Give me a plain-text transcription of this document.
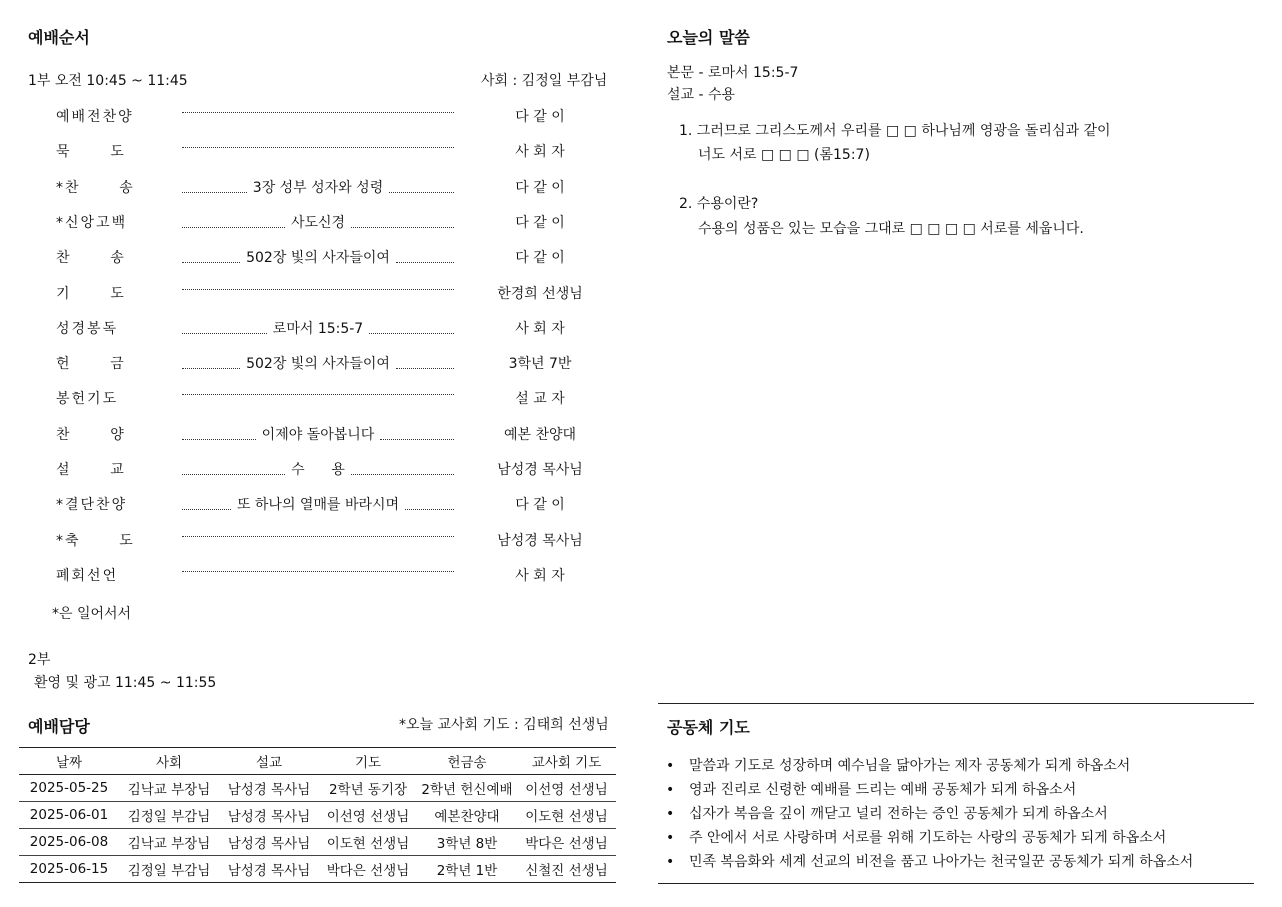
예배순서
1부 오전 10:45 ~ 11:45	사회 : 김정일 부감님
예배전찬양	다 같 이
묵      도	사 회 자
*찬      송	3장 성부 성자와 성령	다 같 이
*신앙고백	사도신경	다 같 이
찬      송	502장 빛의 사자들이여	다 같 이
기      도	한경희 선생님
성경봉독	로마서 15:5-7	사 회 자
헌      금	502장 빛의 사자들이여	3학년 7반
봉헌기도	설 교 자
찬      양	이제야 돌아봅니다	예본 찬양대
설      교	수      용	남성경 목사님
*결단찬양	또 하나의 열매를 바라시며	다 같 이
*축      도	남성경 목사님
폐회선언	사 회 자
*은 일어서서
2부
환영 및 광고 11:45 ~ 11:55
예배담당	*오늘 교사회 기도 : 김태희 선생님
날짜	사회	설교	기도	헌금송	교사회 기도
2025-05-25	김낙교 부장님	남성경 목사님	2학년 동기장	2학년 헌신예배	이선영 선생님
2025-06-01	김정일 부감님	남성경 목사님	이선영 선생님	예본찬양대	이도현 선생님
2025-06-08	김낙교 부장님	남성경 목사님	이도현 선생님	3학년 8반	박다은 선생님
2025-06-15	김정일 부감님	남성경 목사님	박다은 선생님	2학년 1반	신철진 선생님
오늘의 말씀
본문 - 로마서 15:5-7
설교 - 수용
1. 그러므로 그리스도께서 우리를 □ □ 하나님께 영광을 돌리심과 같이
너도 서로 □ □ □ (롬15:7)
2. 수용이란?
수용의 성품은 있는 모습을 그대로 □ □ □ □ 서로를 세웁니다.
공동체 기도
• 말씀과 기도로 성장하며 예수님을 닮아가는 제자 공동체가 되게 하옵소서
• 영과 진리로 신령한 예배를 드리는 예배 공동체가 되게 하옵소서
• 십자가 복음을 깊이 깨닫고 널리 전하는 증인 공동체가 되게 하옵소서
• 주 안에서 서로 사랑하며 서로를 위해 기도하는 사랑의 공동체가 되게 하옵소서
• 민족 복음화와 세계 선교의 비전을 품고 나아가는 천국일꾼 공동체가 되게 하옵소서
